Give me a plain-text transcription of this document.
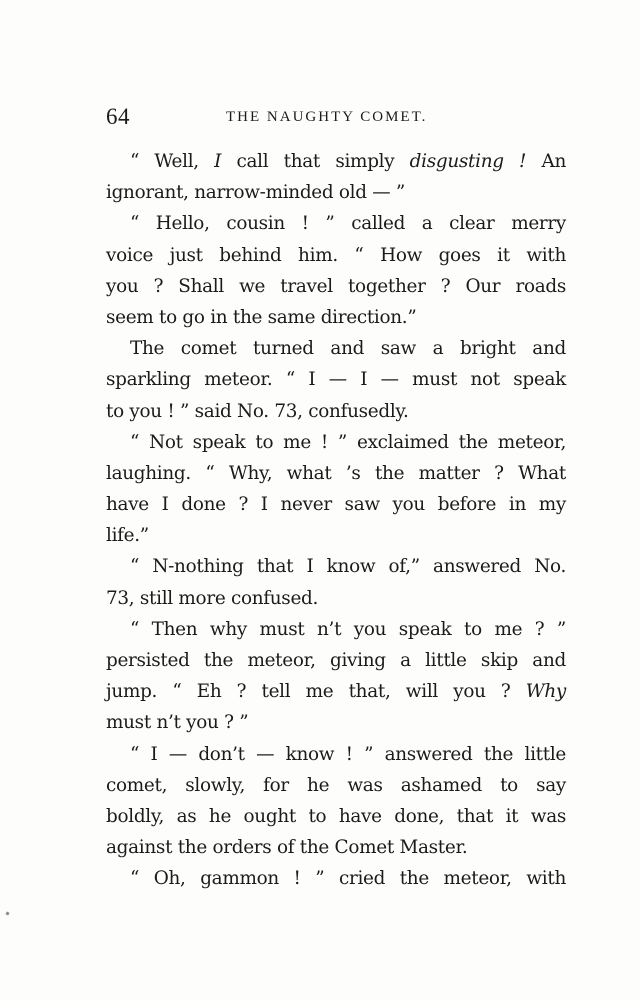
64	THE NAUGHTY COMET.
“ Well, I call that simply disgusting ! An
ignorant, narrow-minded old — ”
“ Hello, cousin ! ” called a clear merry
voice just behind him. “ How goes it with
you ? Shall we travel together ? Our roads
seem to go in the same direction.”
The comet turned and saw a bright and
sparkling meteor. “ I — I — must not speak
to you ! ” said No. 73, confusedly.
“ Not speak to me ! ” exclaimed the meteor,
laughing. “ Why, what ’s the matter ? What
have I done ? I never saw you before in my
life.”
“ N-nothing that I know of,” answered No.
73, still more confused.
“ Then why must n’t you speak to me ? ”
persisted the meteor, giving a little skip and
jump. “ Eh ? tell me that, will you ? Why
must n’t you ? ”
“ I — don’t — know ! ” answered the little
comet, slowly, for he was ashamed to say
boldly, as he ought to have done, that it was
against the orders of the Comet Master.
“ Oh, gammon ! ” cried the meteor, with
